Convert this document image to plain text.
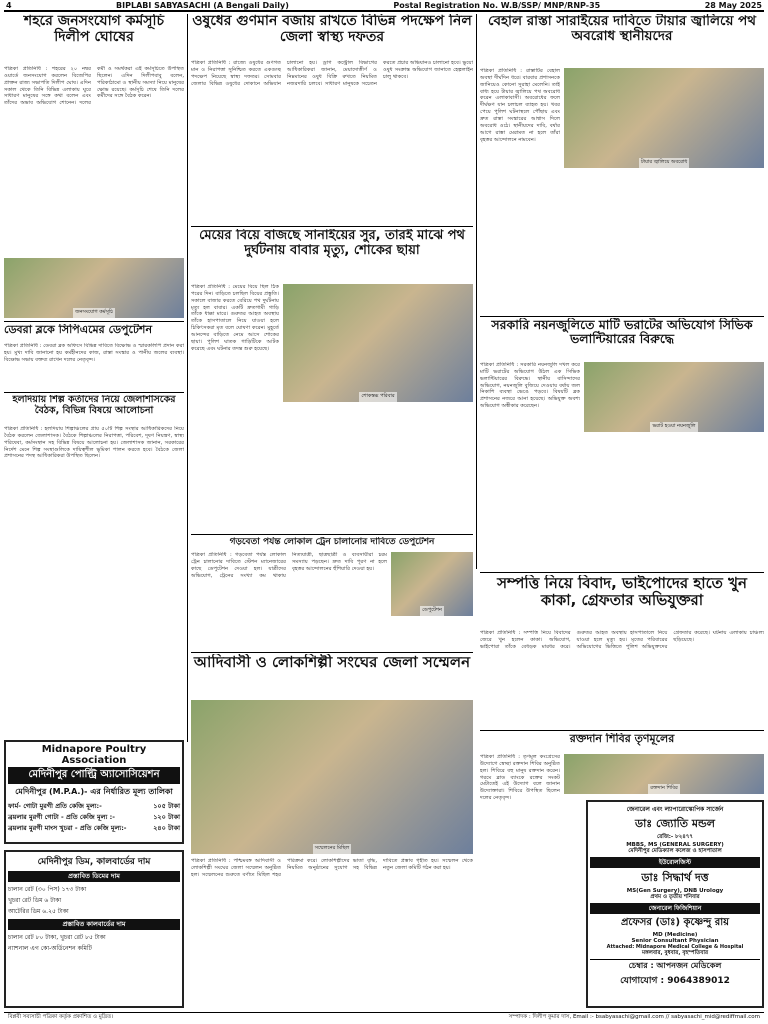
4	BIPLABI SABYASACHI (A Bengali Daily)	Postal Registration No. W.B/SSP/ MNP/RNP-35	28 May 2025
শহরে জনসংযোগ কর্মসূচি দিলীপ ঘোষের
পত্রিকা প্রতিনিধি : শহরের ২০ নম্বর ওয়ার্ডে জনসংযোগ করলেন বিজেপির প্রাক্তন রাজ্য সভাপতি দিলীপ ঘোষ। এদিন সকাল থেকে তিনি বিভিন্ন এলাকায় ঘুরে সাধারণ মানুষের সঙ্গে কথা বলেন এবং তাঁদের অভাব অভিযোগ শোনেন। দলের কর্মী ও সমর্থকরা এই কর্মসূচিতে উপস্থিত ছিলেন। এদিন দিলীপবাবু বলেন, পরিকাঠামো ও স্থানীয় সমস্যা নিয়ে মানুষের ক্ষোভ রয়েছে। কর্মসূচি শেষে তিনি দলের কর্মীদের সঙ্গে বৈঠক করেন।
জনসংযোগ কর্মসূচি
ডেবরা ব্লকে সিপিএমের ডেপুটেশন
পত্রিকা প্রতিনিধি : ডেবরা ব্লক অফিসে বিভিন্ন দাবিতে বিক্ষোভ ও স্মারকলিপি প্রদান করা হয়। মুখ্য দাবি জানানো হয় কর্মহীনদের কাজ, রাস্তা সংস্কার ও পানীয় জলের ব্যবস্থা। বিক্ষোভ সভায় বক্তব্য রাখেন দলের নেতৃবৃন্দ।
হলদিয়ায় শিল্প কর্তাদের নিয়ে জেলাশাসকের বৈঠক, বিভিন্ন বিষয়ে আলোচনা
পত্রিকা প্রতিনিধি : হলদিয়ায় শিল্পাঞ্চলের প্রায় ৫০টি শিল্প সংস্থার আধিকারিকদের নিয়ে বৈঠক করলেন জেলাশাসক। বৈঠকে শিল্পাঞ্চলের নিরাপত্তা, পরিবেশ, দূষণ নিয়ন্ত্রণ, স্বাস্থ্য পরিষেবা, কর্মসংস্থান সহ বিভিন্ন বিষয়ে আলোচনা হয়। জেলাশাসক জানান, সরকারের নির্দেশ মেনে শিল্প সংস্থাগুলিকে দায়িত্বশীল ভূমিকা পালন করতে হবে। বৈঠকে জেলা প্রশাসনের পদস্থ আধিকারিকরা উপস্থিত ছিলেন।
ওষুধের গুণমান বজায় রাখতে বিভিন্ন পদক্ষেপ নিল জেলা স্বাস্থ্য দফতর
পত্রিকা প্রতিনিধি : রাজ্যে ওষুধের গুণগত মান ও নিরাপত্তা সুনিশ্চিত করতে একগুচ্ছ পদক্ষেপ নিয়েছে স্বাস্থ্য দফতর। সোমবার জেলার বিভিন্ন ওষুধের দোকানে অভিযান চালানো হয়। ড্রাগ কন্ট্রোল বিভাগের আধিকারিকরা জানান, মেয়াদোত্তীর্ণ ও নিম্নমানের ওষুধ বিক্রি রুখতে নিয়মিত নজরদারি চলবে। সাধারণ মানুষকে সচেতন করতে প্রচার অভিযানও চালানো হবে। ভুয়ো ওষুধ সংক্রান্ত অভিযোগ জানাতে হেল্পলাইন চালু থাকবে।
মেয়ের বিয়ে বাজছে সানাইয়ের সুর, তারই মাঝে পথ দুর্ঘটনায় বাবার মৃত্যু, শোকের ছায়া
পত্রিকা প্রতিনিধি : মেয়ের বিয়ে ছিল ঠিক পরের দিন। বাড়িতে চলছিল বিয়ের প্রস্তুতি। সকালে বাজার করতে বেরিয়ে পথ দুর্ঘটনায় মৃত্যু হল বাবার। একটি দ্রুতগামী গাড়ি তাঁকে ধাক্কা মারে। গুরুতর আহত অবস্থায় তাঁকে হাসপাতালে নিয়ে যাওয়া হলে চিকিৎসকরা মৃত বলে ঘোষণা করেন। মুহূর্তে আনন্দের বাড়িতে নেমে আসে শোকের ছায়া। পুলিশ ঘাতক গাড়িটিকে আটক করেছে এবং ঘটনার তদন্ত শুরু হয়েছে।
শোকস্তব্ধ পরিবার
বেহাল রাস্তা সারাইয়ের দাবিতে টায়ার জ্বালিয়ে পথ অবরোধ স্থানীয়দের
পত্রিকা প্রতিনিধি : রাস্তাটির বেহাল অবস্থা দীর্ঘদিন ধরে। বারবার প্রশাসনকে জানিয়েও কোনো সুরাহা মেলেনি। তাই বাধ্য হয়ে টায়ার জ্বালিয়ে পথ অবরোধ করেন এলাকাবাসী। অবরোধের ফলে দীর্ঘক্ষণ যান চলাচল ব্যাহত হয়। খবর পেয়ে পুলিশ ঘটনাস্থলে পৌঁছায় এবং দ্রুত রাস্তা সংস্কারের আশ্বাস দিলে অবরোধ ওঠে। স্থানীয়দের দাবি, বর্ষার আগে রাস্তা মেরামত না হলে তাঁরা বৃহত্তর আন্দোলনে নামবেন।
টায়ার জ্বালিয়ে অবরোধ
সরকারি নয়নজুলিতে মাটি ভরাটের অভিযোগ সিভিক ভলান্টিয়ারের বিরুদ্ধে
পত্রিকা প্রতিনিধি : সরকারি নয়নজুলি দখল করে মাটি ভরাটের অভিযোগ উঠল এক সিভিক ভলান্টিয়ারের বিরুদ্ধে। স্থানীয় বাসিন্দাদের অভিযোগ, নয়নজুলি বুজিয়ে দেওয়ায় বর্ষায় জল নিকাশি ব্যবস্থা ভেঙে পড়বে। বিষয়টি ব্লক প্রশাসনের নজরে আনা হয়েছে। অভিযুক্ত অবশ্য অভিযোগ অস্বীকার করেছেন।
ভরাট হওয়া নয়নজুলি
গড়বেতা পর্যন্ত লোকাল ট্রেন চালানোর দাবিতে ডেপুটেশন
পত্রিকা প্রতিনিধি : গড়বেতা পর্যন্ত লোকাল ট্রেন চালানোর দাবিতে স্টেশন ম্যানেজারের কাছে ডেপুটেশন দেওয়া হল। যাত্রীদের অভিযোগ, ট্রেনের সংখ্যা কম থাকায় নিত্যযাত্রী, ছাত্রছাত্রী ও ব্যবসায়ীরা চরম সমস্যায় পড়ছেন। দ্রুত দাবি পূরণ না হলে বৃহত্তর আন্দোলনের হুঁশিয়ারি দেওয়া হয়।
ডেপুটেশন
আদিবাসী ও লোকশিল্পী সংঘের জেলা সম্মেলন
সম্মেলনের মিছিল
পত্রিকা প্রতিনিধি : পশ্চিমবঙ্গ আদিবাসী ও লোকশিল্পী সংঘের জেলা সম্মেলন অনুষ্ঠিত হল। সম্মেলনের শুরুতে বর্ণাঢ্য মিছিল শহর পরিক্রমা করে। লোকশিল্পীদের ভাতা বৃদ্ধি, নিয়মিত অনুষ্ঠানের সুযোগ সহ বিভিন্ন দাবিতে প্রস্তাব গৃহীত হয়। সম্মেলন থেকে নতুন জেলা কমিটি গঠন করা হয়।
সম্পত্তি নিয়ে বিবাদ, ভাইপোদের হাতে খুন কাকা, গ্রেফতার অভিযুক্তরা
পত্রিকা প্রতিনিধি : সম্পত্তি নিয়ে বিবাদের জেরে খুন হলেন কাকা। অভিযোগ, ভাইপোরা তাঁকে বেধড়ক মারধর করে। গুরুতর আহত অবস্থায় হাসপাতালে নিয়ে যাওয়া হলে মৃত্যু হয়। মৃতের পরিবারের অভিযোগের ভিত্তিতে পুলিশ অভিযুক্তদের গ্রেফতার করেছে। ঘটনায় এলাকায় চাঞ্চল্য ছড়িয়েছে।
রক্তদান শিবির তৃণমূলের
পত্রিকা প্রতিনিধি : তৃণমূল কংগ্রেসের উদ্যোগে স্বেচ্ছা রক্তদান শিবির অনুষ্ঠিত হল। শিবিরে বহু মানুষ রক্তদান করেন। গরমে ব্লাড ব্যাংকে রক্তের সংকট মেটাতেই এই উদ্যোগ বলে জানান উদ্যোক্তারা। শিবিরে উপস্থিত ছিলেন দলের নেতৃবৃন্দ।
রক্তদান শিবির
Midnapore Poultry Association
মেদিনীপুর পোল্ট্রি অ্যাসোসিয়েশন
মেদিনীপুর (M.P.A.)- এর নির্ধারিত মূল্য তালিকা
ফার্ম- গোটা মুরগী প্রতি কেজি মূল্য:-	১০৫ টাকা
ব্রয়লার মুরগী গোটা - প্রতি কেজি মূল্য :-	১২০ টাকা
ব্রয়লার মুরগী মাংস খুচরা - প্রতি কেজি মূল্য:-	২৪০ টাকা
মেদিনীপুর ডিম, কালবার্ডের দাম
প্রস্তাবিত ডিমের দাম
চালান রেট (৩০ পিস) ১৭৩ টাকা
খুচরা রেট ডিম ৬ টাকা
আটেরির ডিম ৬.২৫ টাকা
প্রস্তাবিত কালবার্ডের দাম
চালান রেট ৮০ টাকা, খুচরা রেট ৮৫ টাকা
ন্যাশনাল এগ কো-অর্ডিনেশন কমিটি
জেনারেল এবং ল্যাপারোস্কোপিক সার্জেন
ডাঃ জ্যোতি মন্ডল
রেজি:- ৮২৪৭৭
MBBS, MS (GENERAL SURGERY)
মেদিনীপুর মেডিক্যাল কলেজ ও হাসপাতাল
ইউরোলজিস্ট
ডাঃ সিদ্ধার্থ দত্ত
MS(Gen Surgery), DNB Urology
প্রথম ও তৃতীয় শনিবার
জেনারেল ফিজিশিয়ান
প্রফেসর (ডাঃ) কৃষ্ণেন্দু রায়
MD (Medicine)
Senior Consultant Physician
Attached: Midnapore Medical College & Hospital
মঙ্গলবার, বুধবার, বৃহস্পতিবার
চেম্বার : আপনজন মেডিকেল
যোগাযোগ : 9064389012
বিপ্লবী সব্যসাচী পত্রিকা কর্তৃক প্রকাশিত ও মুদ্রিত।	সম্পাদক : দিলীপ কুমার দাস, Email :- bsabyasachi@gmail.com // sabyasachi_mid@rediffmail.com
